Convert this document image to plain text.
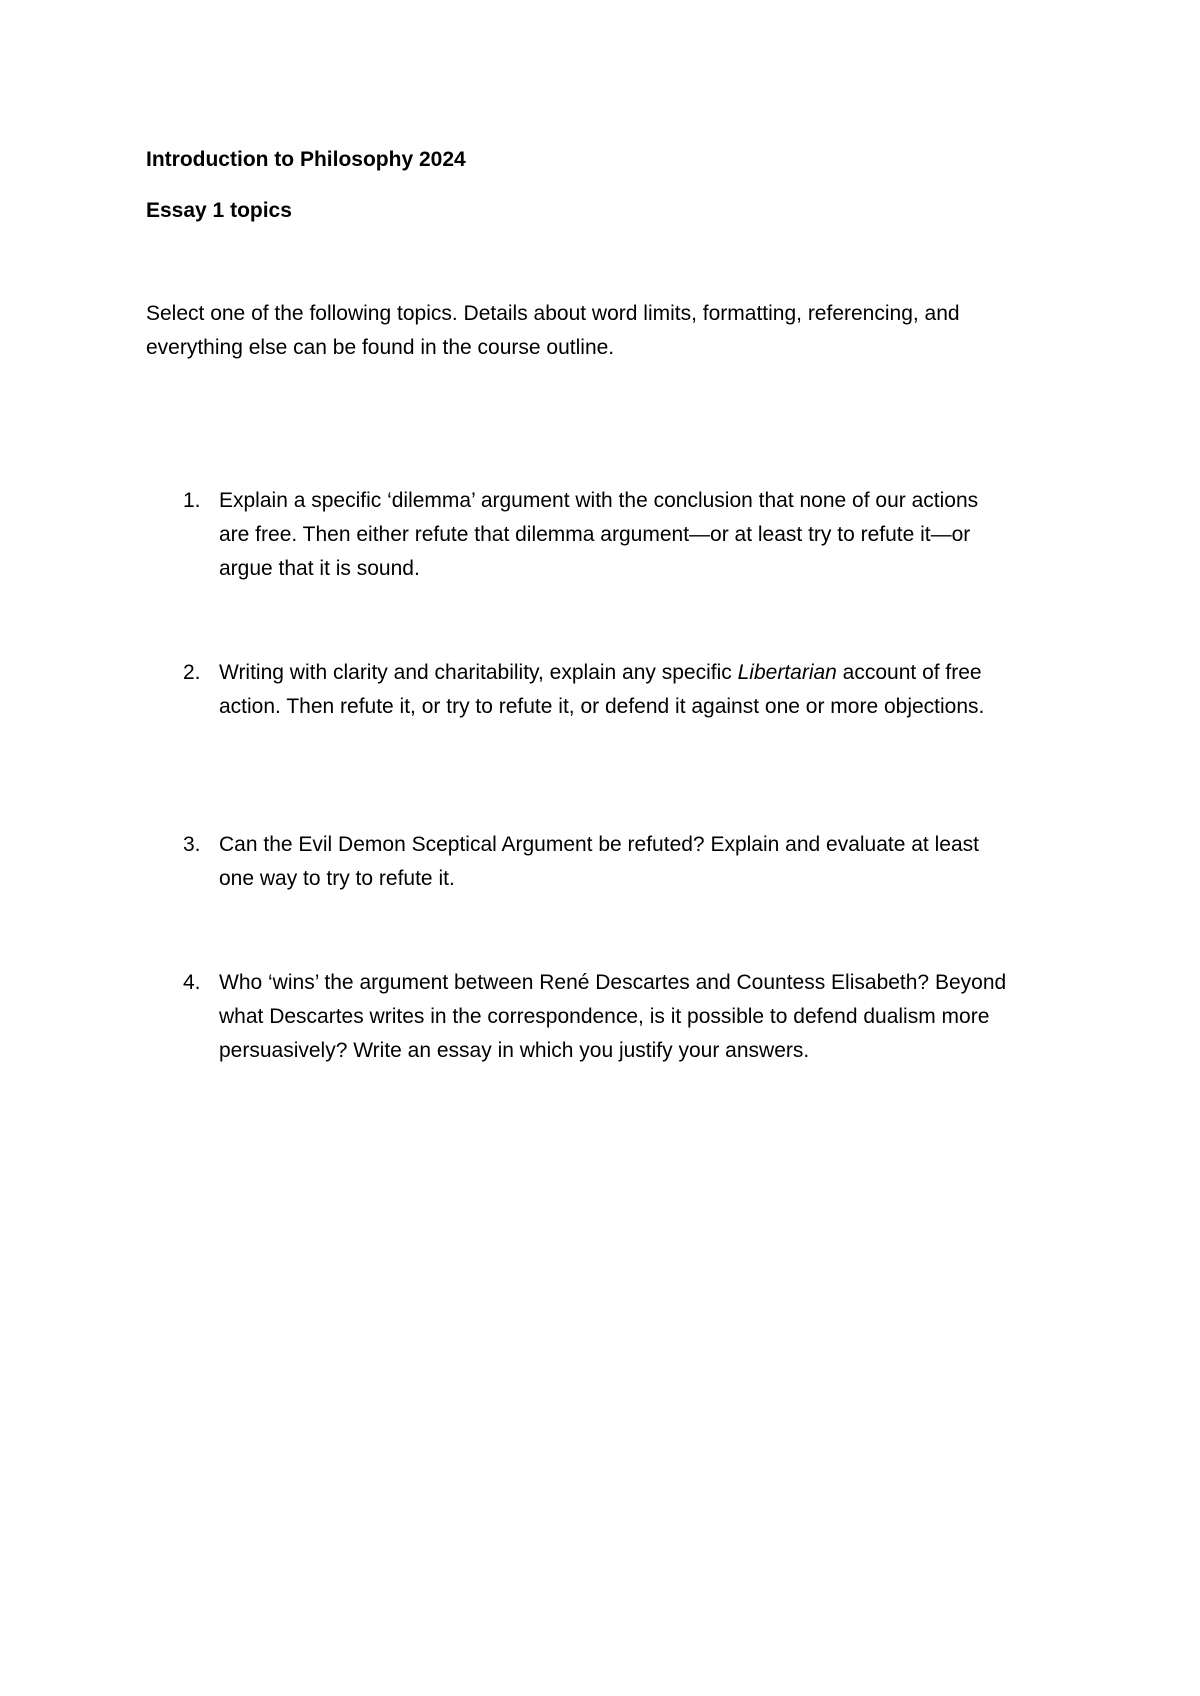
Introduction to Philosophy 2024
Essay 1 topics

Select one of the following topics. Details about word limits, formatting, referencing, and everything else can be found in the course outline.

1. Explain a specific ‘dilemma’ argument with the conclusion that none of our actions are free. Then either refute that dilemma argument—or at least try to refute it—or argue that it is sound.
2. Writing with clarity and charitability, explain any specific Libertarian account of free action. Then refute it, or try to refute it, or defend it against one or more objections.
3. Can the Evil Demon Sceptical Argument be refuted? Explain and evaluate at least one way to try to refute it.
4. Who ‘wins’ the argument between René Descartes and Countess Elisabeth? Beyond what Descartes writes in the correspondence, is it possible to defend dualism more persuasively? Write an essay in which you justify your answers.
